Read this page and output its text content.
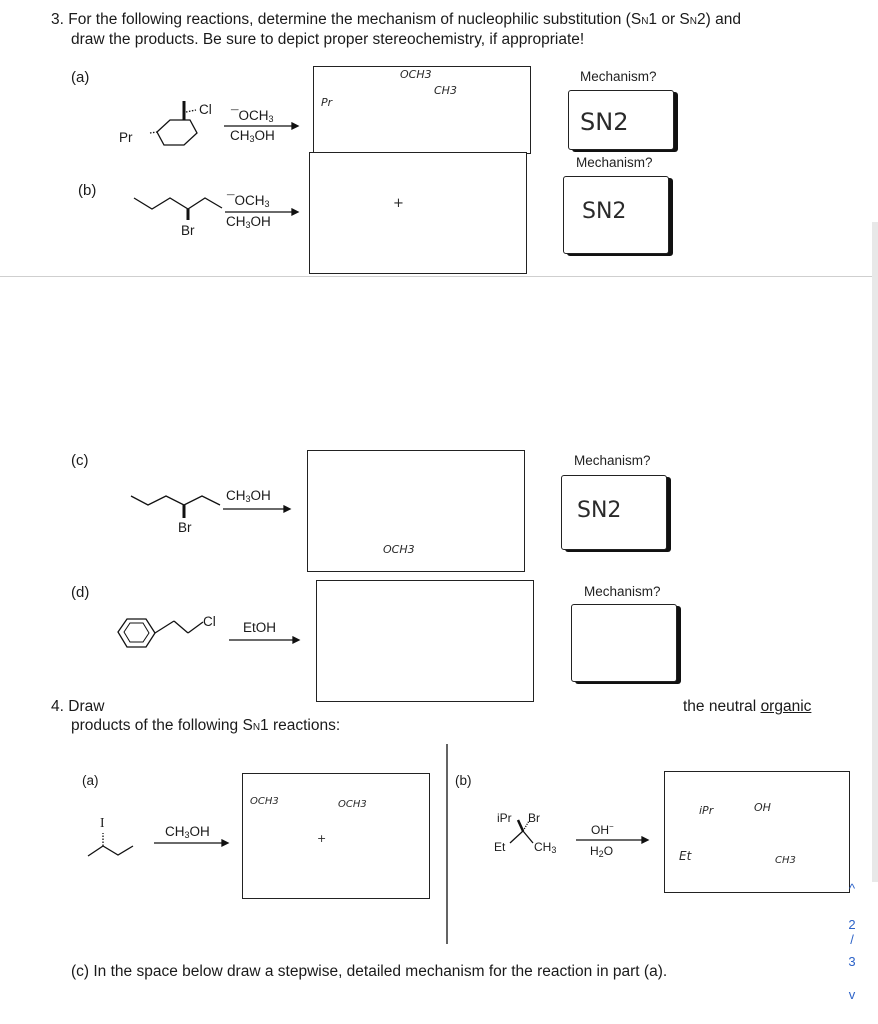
3. For the following reactions, determine the mechanism of nucleophilic substitution (SN1 or SN2) and
draw the products. Be sure to depict proper stereochemistry, if appropriate!
(a)
(b)
(c)
(d)
Pr
Cl $¯OCH_3$
$CH_3OH$
OCH3
CH3
Pr
Mechanism?
SN2
Br
$¯OCH_3$
$CH_3OH$
+
Mechanism?
SN2
Br
$CH_3OH$
OCH3
Mechanism?
SN2
Cl EtOH
Mechanism?
4. Draw	the neutral organic
products of the following SN1 reactions:
(a)
I
$CH_3OH$
OCH3	OCH3
+
(b)
iPr Br
Et $CH_3$
OH−
$H_2O$
iPr	OH
Et	CH3
(c) In the space below draw a stepwise, detailed mechanism for the reaction in part (a).
^
2
/
3
v
